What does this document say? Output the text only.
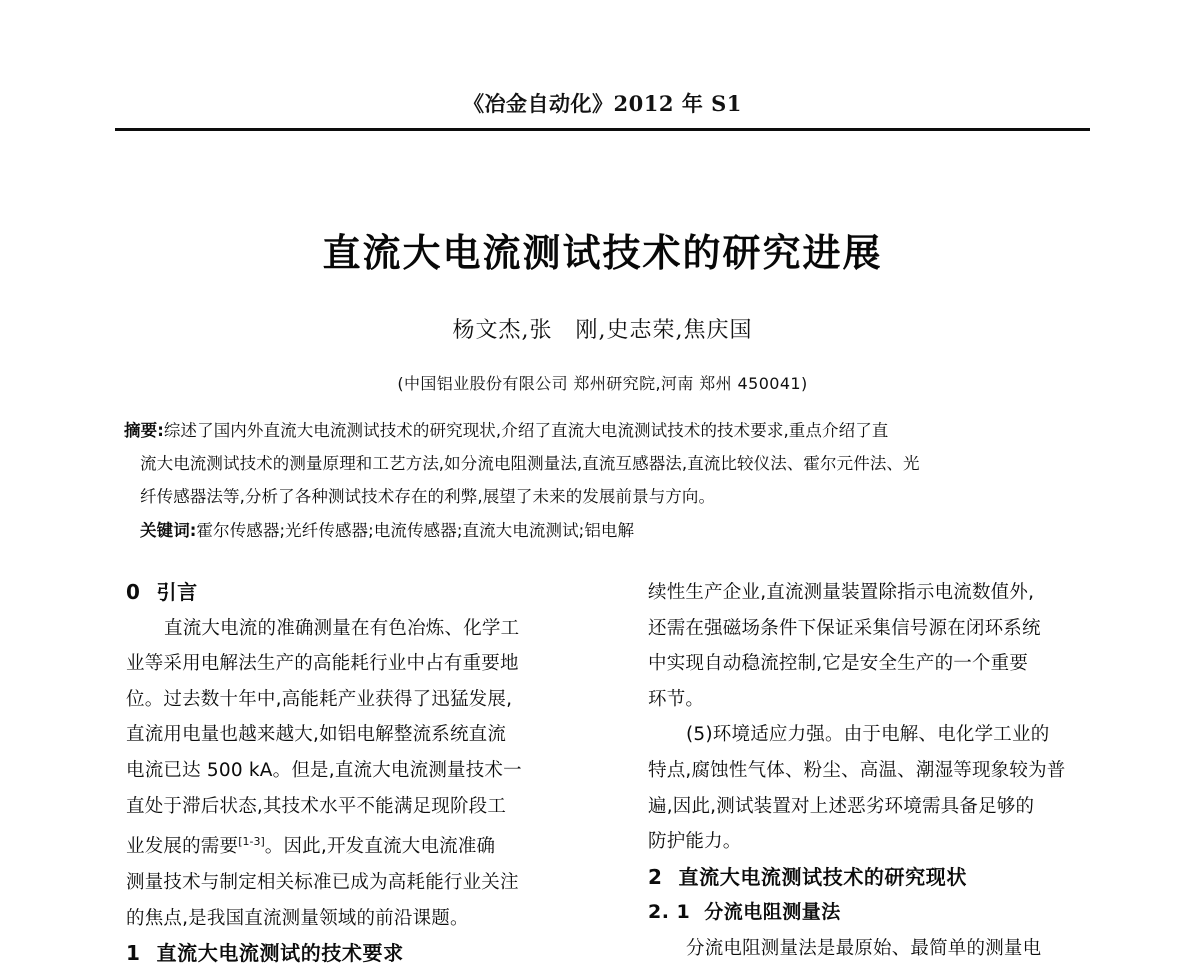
《冶金自动化》2012 年 S1
直流大电流测试技术的研究进展
杨文杰,张　刚,史志荣,焦庆国
(中国铝业股份有限公司 郑州研究院,河南 郑州 450041)
摘要:综述了国内外直流大电流测试技术的研究现状,介绍了直流大电流测试技术的技术要求,重点介绍了直
流大电流测试技术的测量原理和工艺方法,如分流电阻测量法,直流互感器法,直流比较仪法、霍尔元件法、光
纤传感器法等,分析了各种测试技术存在的利弊,展望了未来的发展前景与方向。
关键词:霍尔传感器;光纤传感器;电流传感器;直流大电流测试;铝电解
0 引言
直流大电流的准确测量在有色冶炼、化学工
业等采用电解法生产的高能耗行业中占有重要地
位。过去数十年中,高能耗产业获得了迅猛发展,
直流用电量也越来越大,如铝电解整流系统直流
电流已达 500 kA。但是,直流大电流测量技术一
直处于滞后状态,其技术水平不能满足现阶段工
业发展的需要[1-3]。因此,开发直流大电流准确
测量技术与制定相关标准已成为高耗能行业关注
的焦点,是我国直流测量领域的前沿课题。
1 直流大电流测试的技术要求
续性生产企业,直流测量装置除指示电流数值外,
还需在强磁场条件下保证采集信号源在闭环系统
中实现自动稳流控制,它是安全生产的一个重要
环节。
(5)环境适应力强。由于电解、电化学工业的
特点,腐蚀性气体、粉尘、高温、潮湿等现象较为普
遍,因此,测试装置对上述恶劣环境需具备足够的
防护能力。
2 直流大电流测试技术的研究现状
2. 1 分流电阻测量法
分流电阻测量法是最原始、最简单的测量电
